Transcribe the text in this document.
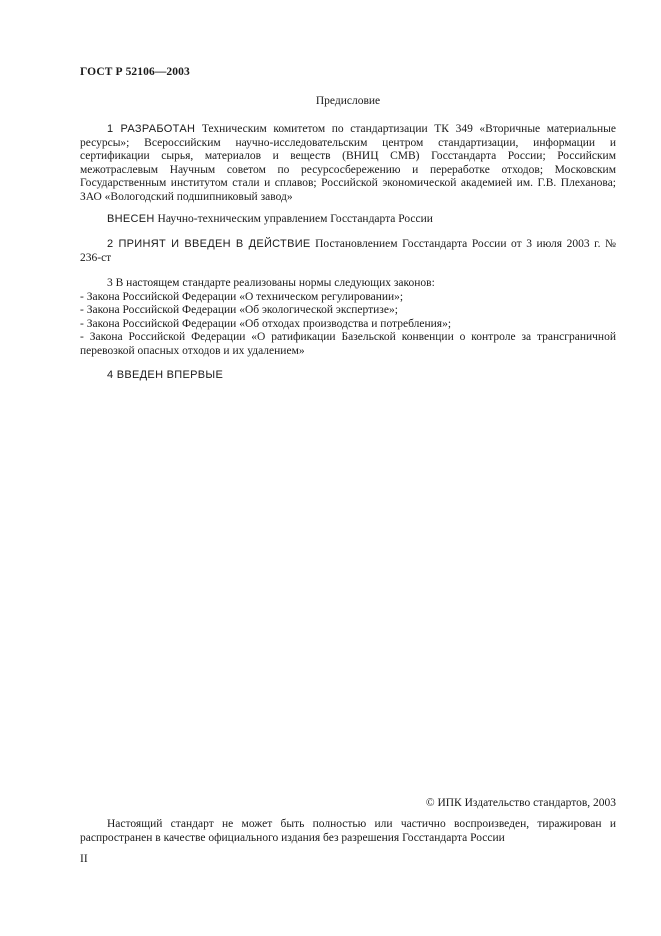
ГОСТ Р 52106—2003
Предисловие
1 РАЗРАБОТАН Техническим комитетом по стандартизации ТК 349 «Вторичные материальные ресурсы»; Всероссийским научно-исследовательским центром стандартизации, информации и сертификации сырья, материалов и веществ (ВНИЦ СМВ) Госстандарта России; Российским межотраслевым Научным советом по ресурсосбережению и переработке отходов; Московским Государственным институтом стали и сплавов; Российской экономической академией им. Г.В. Плеханова; ЗАО «Вологодский подшипниковый завод»
ВНЕСЕН Научно-техническим управлением Госстандарта России
2 ПРИНЯТ И ВВЕДЕН В ДЕЙСТВИЕ Постановлением Госстандарта России от 3 июля 2003 г. № 236-ст
3 В настоящем стандарте реализованы нормы следующих законов:
- Закона Российской Федерации «О техническом регулировании»;
- Закона Российской Федерации «Об экологической экспертизе»;
- Закона Российской Федерации «Об отходах производства и потребления»;
- Закона Российской Федерации «О ратификации Базельской конвенции о контроле за трансграничной перевозкой опасных отходов и их удалением»
4 ВВЕДЕН ВПЕРВЫЕ
© ИПК Издательство стандартов, 2003
Настоящий стандарт не может быть полностью или частично воспроизведен, тиражирован и распространен в качестве официального издания без разрешения Госстандарта России
II
